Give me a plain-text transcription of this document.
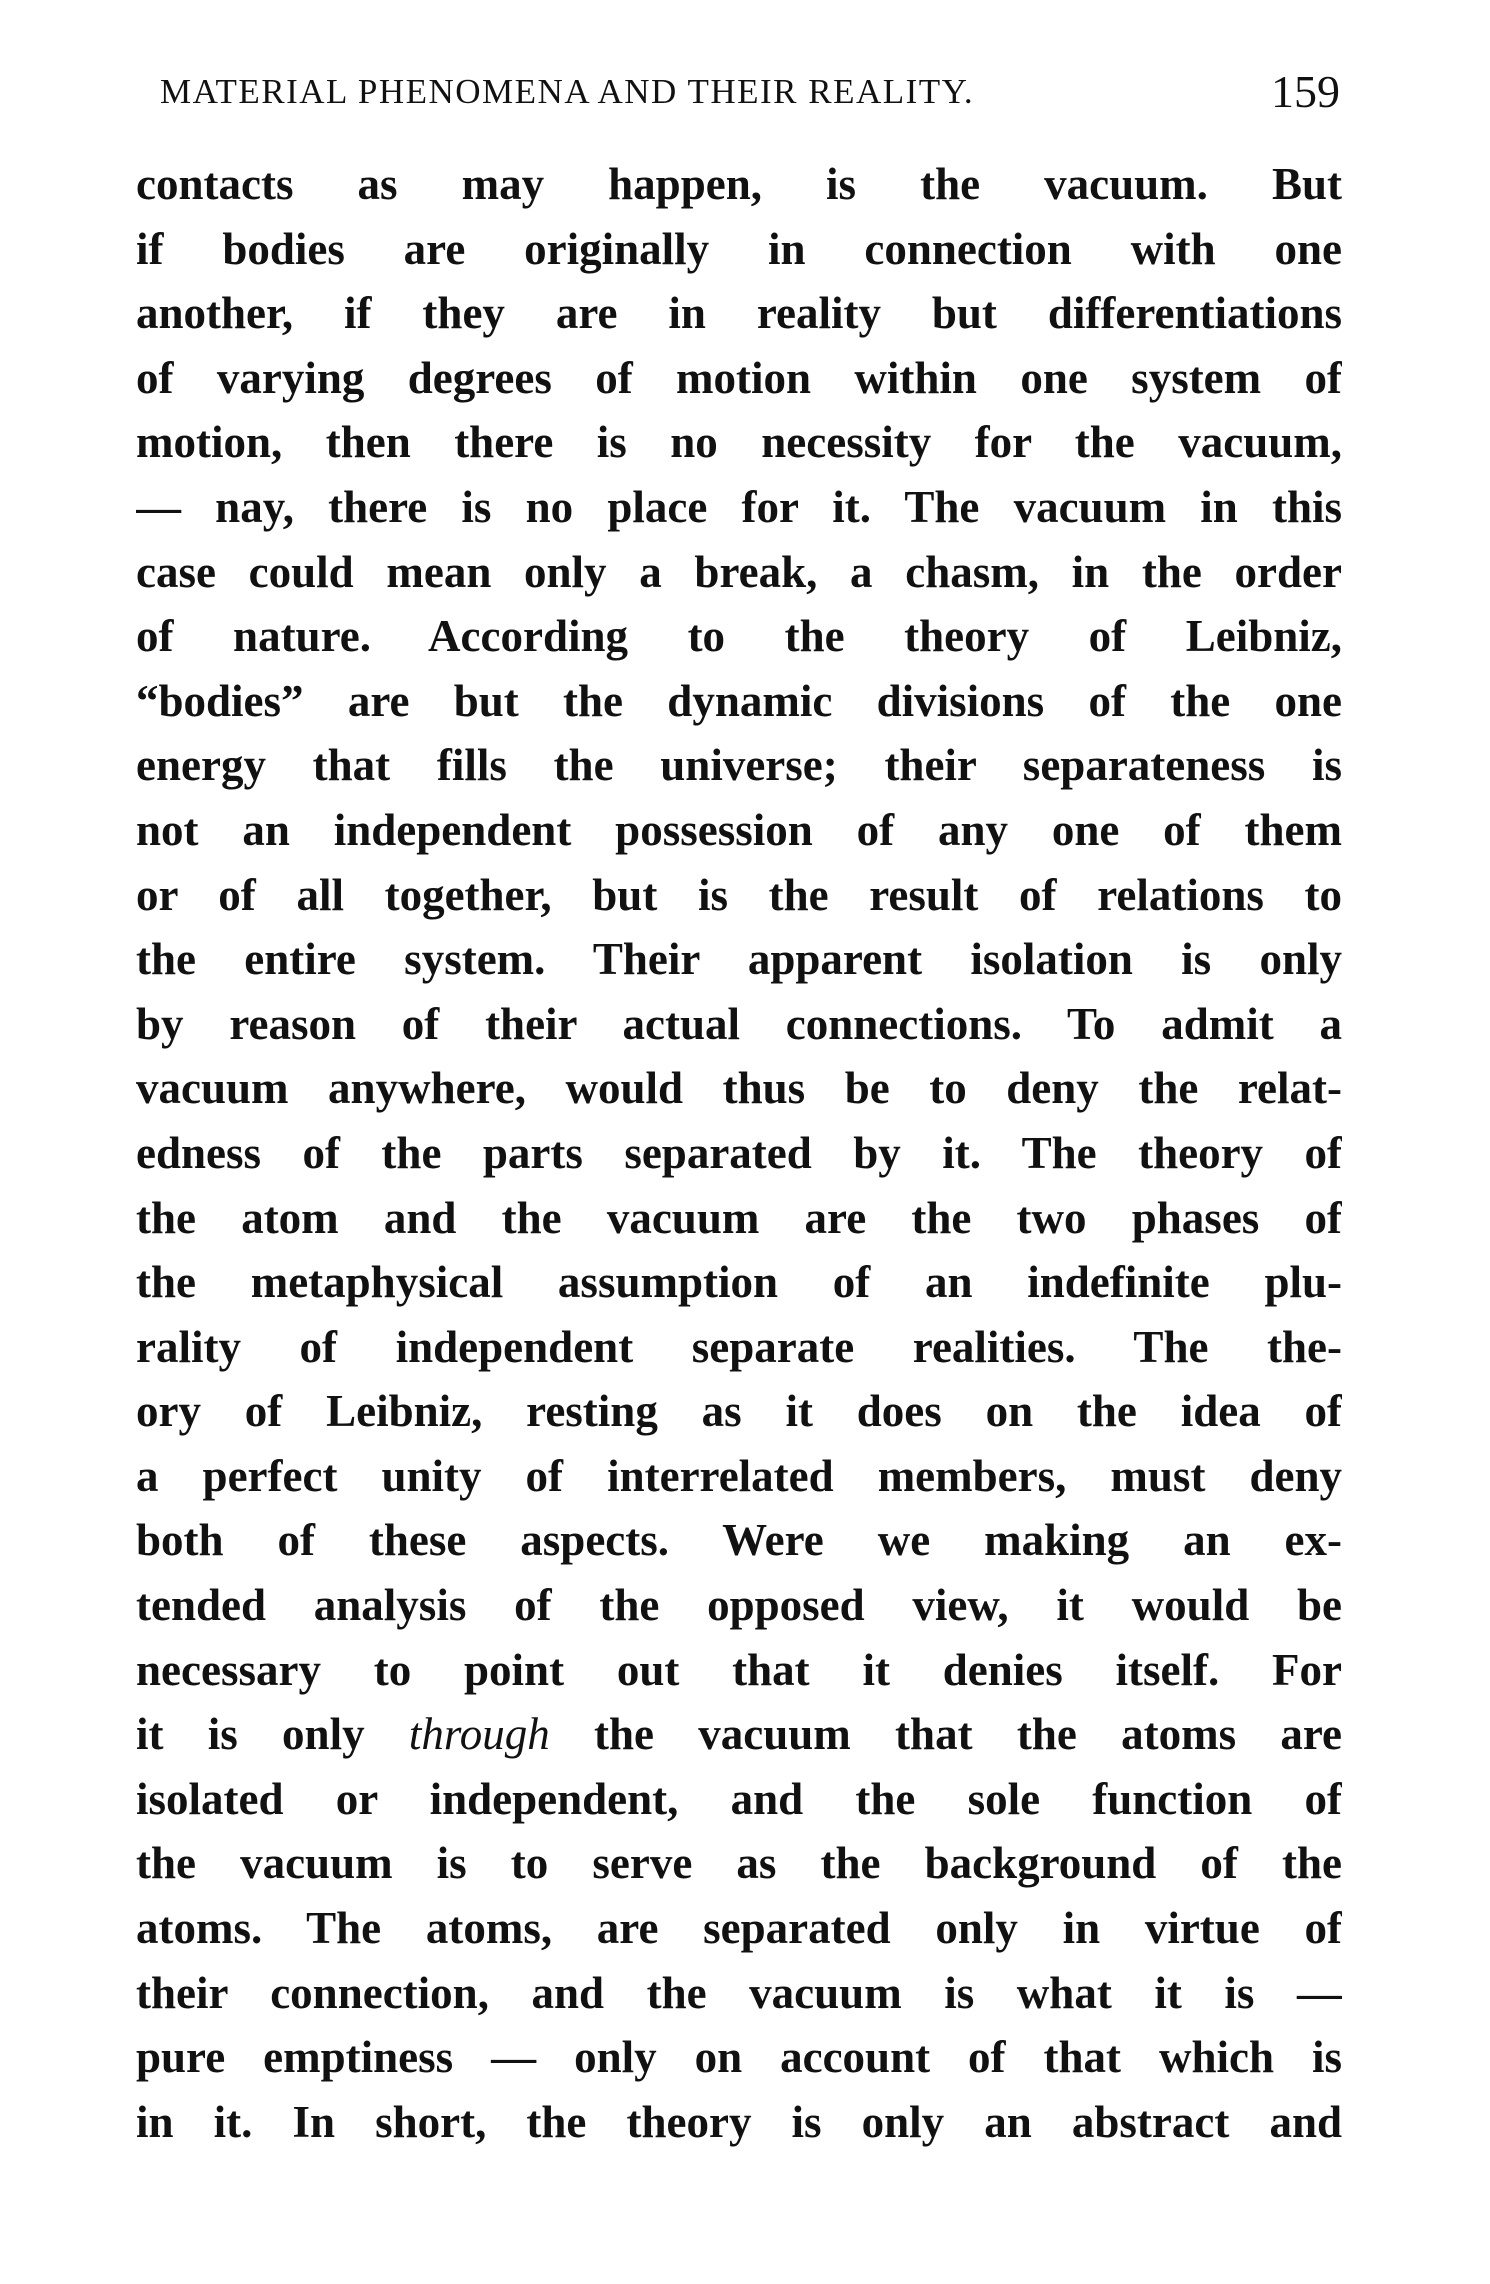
MATERIAL PHENOMENA AND THEIR REALITY.	159
contacts as may happen, is the vacuum. But
if bodies are originally in connection with one
another, if they are in reality but differentiations
of varying degrees of motion within one system of
motion, then there is no necessity for the vacuum,
— nay, there is no place for it. The vacuum in this
case could mean only a break, a chasm, in the order
of nature. According to the theory of Leibniz,
“bodies” are but the dynamic divisions of the one
energy that fills the universe; their separateness is
not an independent possession of any one of them
or of all together, but is the result of relations to
the entire system. Their apparent isolation is only
by reason of their actual connections. To admit a
vacuum anywhere, would thus be to deny the relat-
edness of the parts separated by it. The theory of
the atom and the vacuum are the two phases of
the metaphysical assumption of an indefinite plu-
rality of independent separate realities. The the-
ory of Leibniz, resting as it does on the idea of
a perfect unity of interrelated members, must deny
both of these aspects. Were we making an ex-
tended analysis of the opposed view, it would be
necessary to point out that it denies itself. For
it is only through the vacuum that the atoms are
isolated or independent, and the sole function of
the vacuum is to serve as the background of the
atoms. The atoms, are separated only in virtue of
their connection, and the vacuum is what it is —
pure emptiness — only on account of that which is
in it. In short, the theory is only an abstract and
